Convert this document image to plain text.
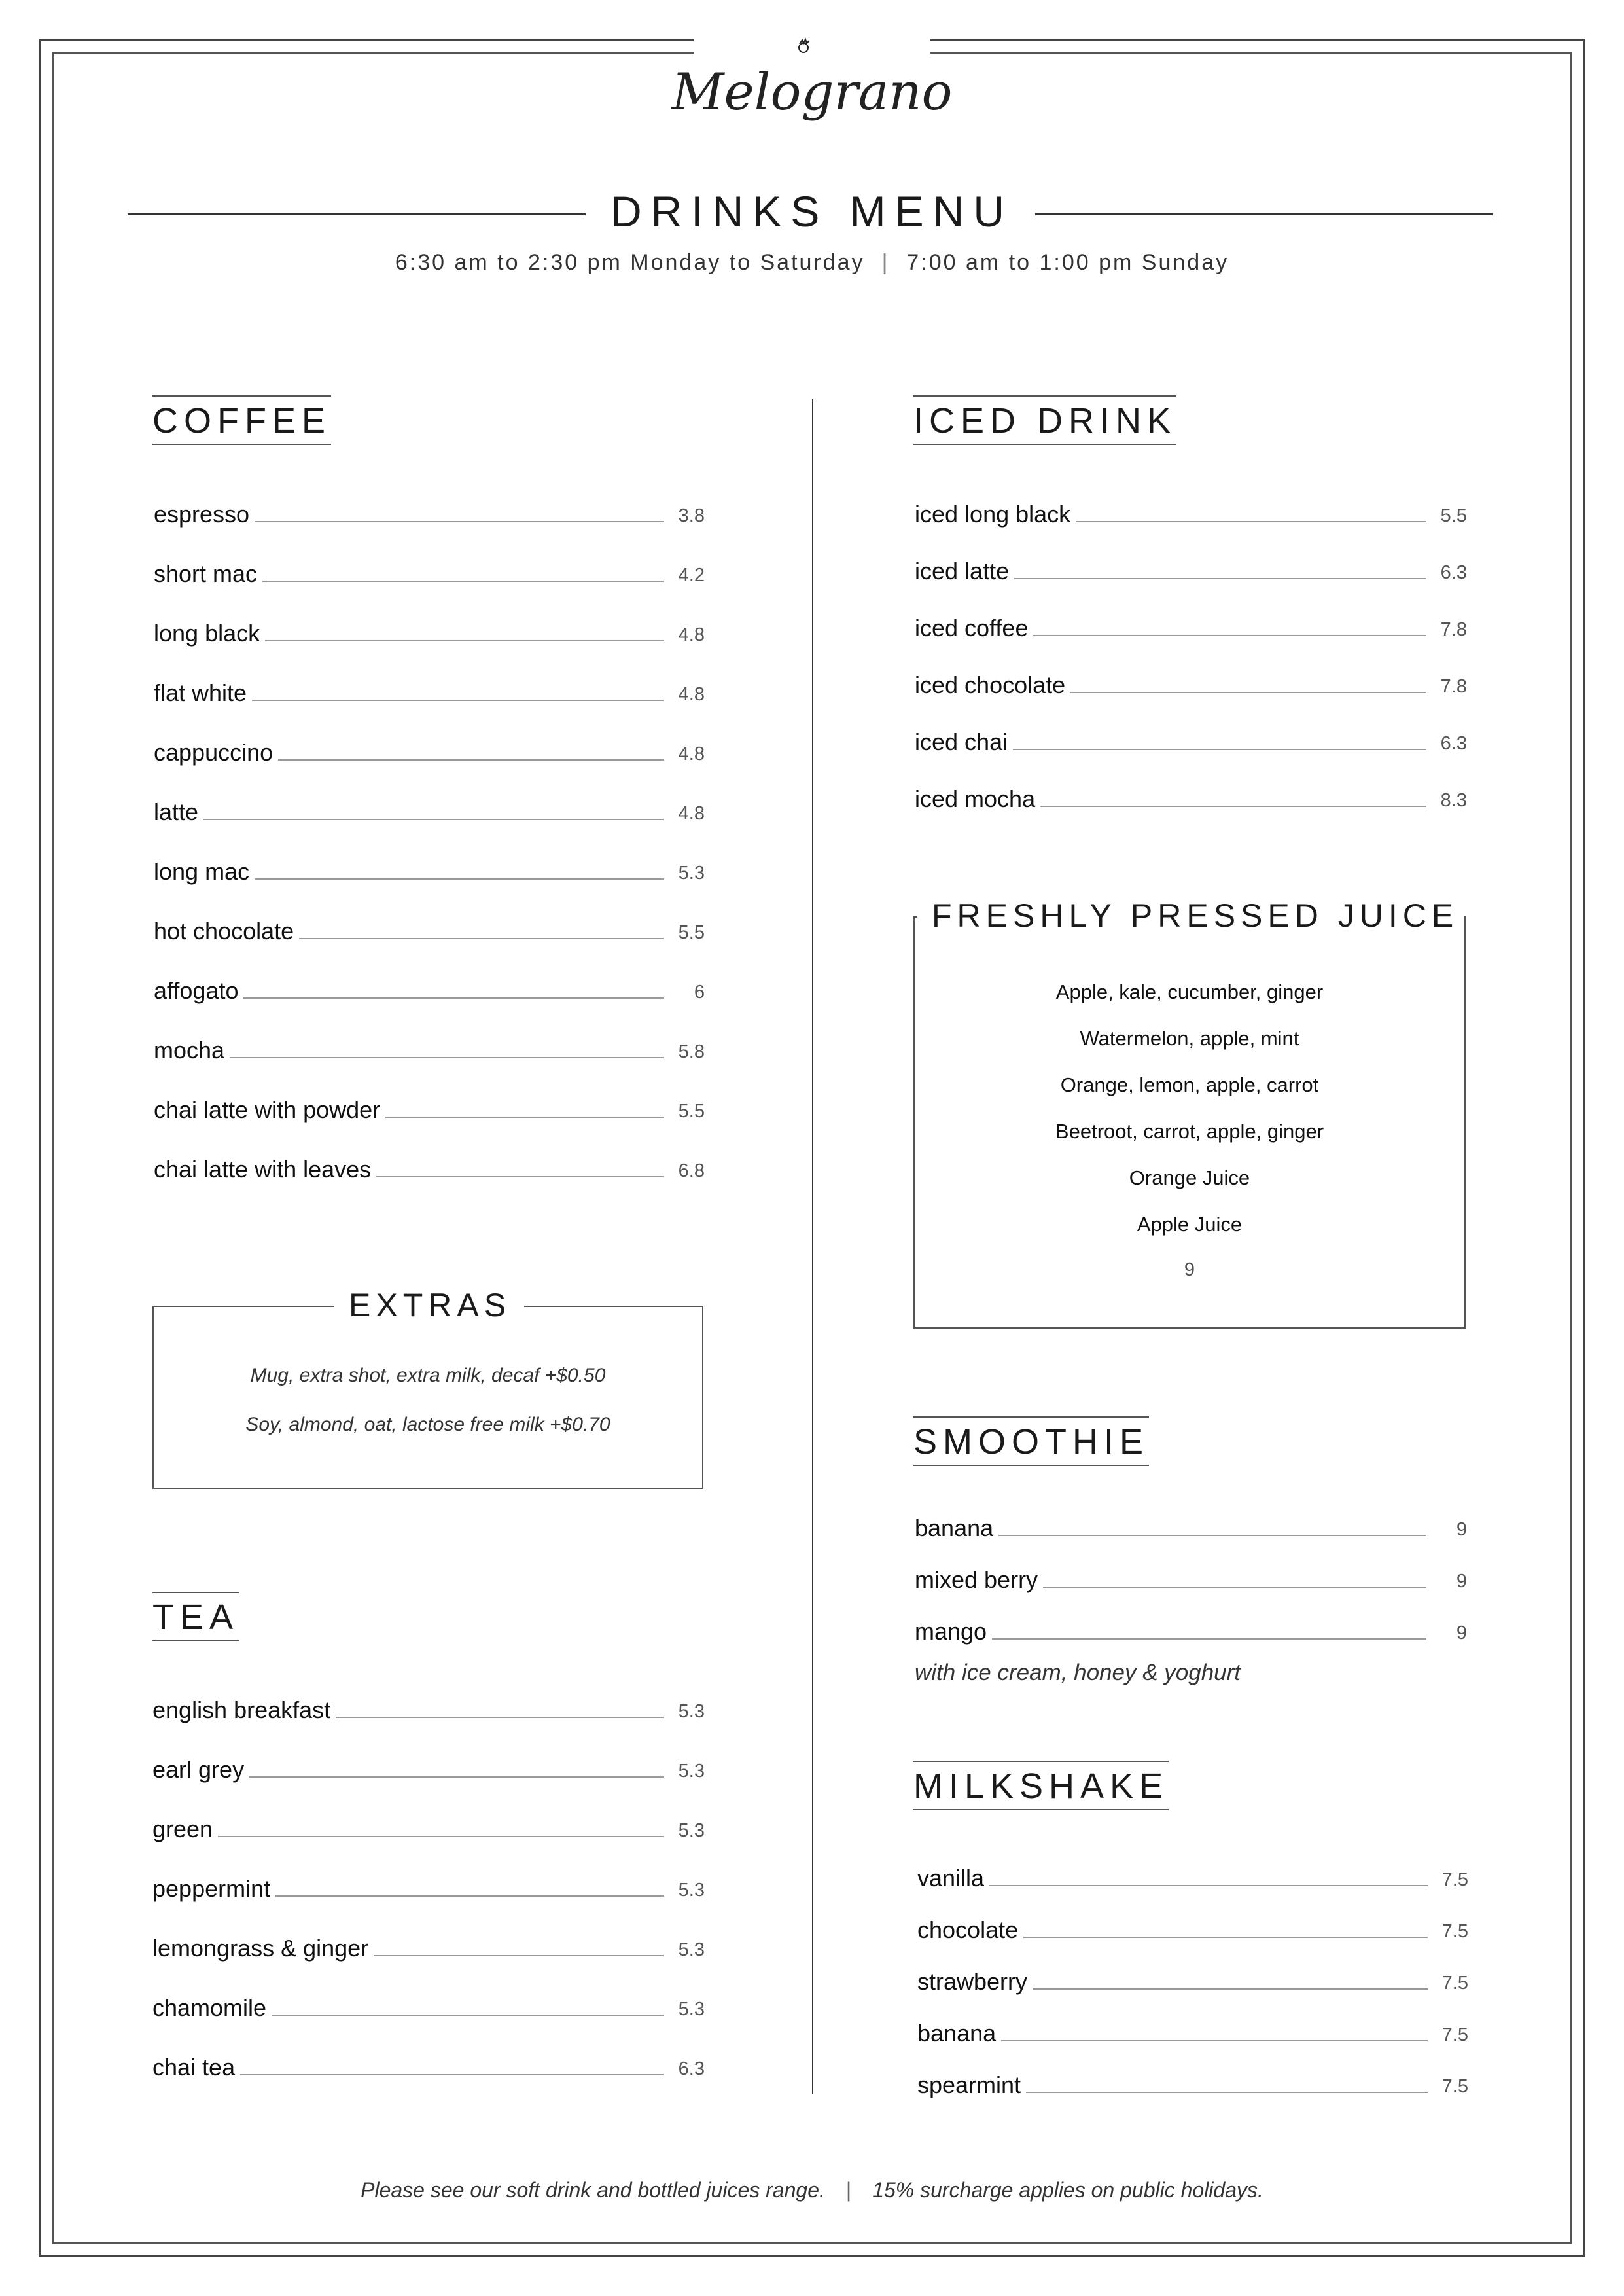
Melograno
DRINKS MENU
6:30 am to 2:30 pm Monday to Saturday | 7:00 am to 1:00 pm Sunday
COFFEE
espresso	3.8
short mac	4.2
long black	4.8
flat white	4.8
cappuccino	4.8
latte	4.8
long mac	5.3
hot chocolate	5.5
affogato	6
mocha	5.8
chai latte with powder	5.5
chai latte with leaves	6.8
EXTRAS
Mug, extra shot, extra milk, decaf +$0.50
Soy, almond, oat, lactose free milk +$0.70
TEA
english breakfast	5.3
earl grey	5.3
green	5.3
peppermint	5.3
lemongrass & ginger	5.3
chamomile	5.3
chai tea	6.3
ICED DRINK
iced long black	5.5
iced latte	6.3
iced coffee	7.8
iced chocolate	7.8
iced chai	6.3
iced mocha	8.3
FRESHLY PRESSED JUICE
Apple, kale, cucumber, ginger
Watermelon, apple, mint
Orange, lemon, apple, carrot
Beetroot, carrot, apple, ginger
Orange Juice
Apple Juice
9
SMOOTHIE
banana	9
mixed berry	9
mango	9
with ice cream, honey & yoghurt
MILKSHAKE
vanilla	7.5
chocolate	7.5
strawberry	7.5
banana	7.5
spearmint	7.5
Please see our soft drink and bottled juices range. | 15% surcharge applies on public holidays.
